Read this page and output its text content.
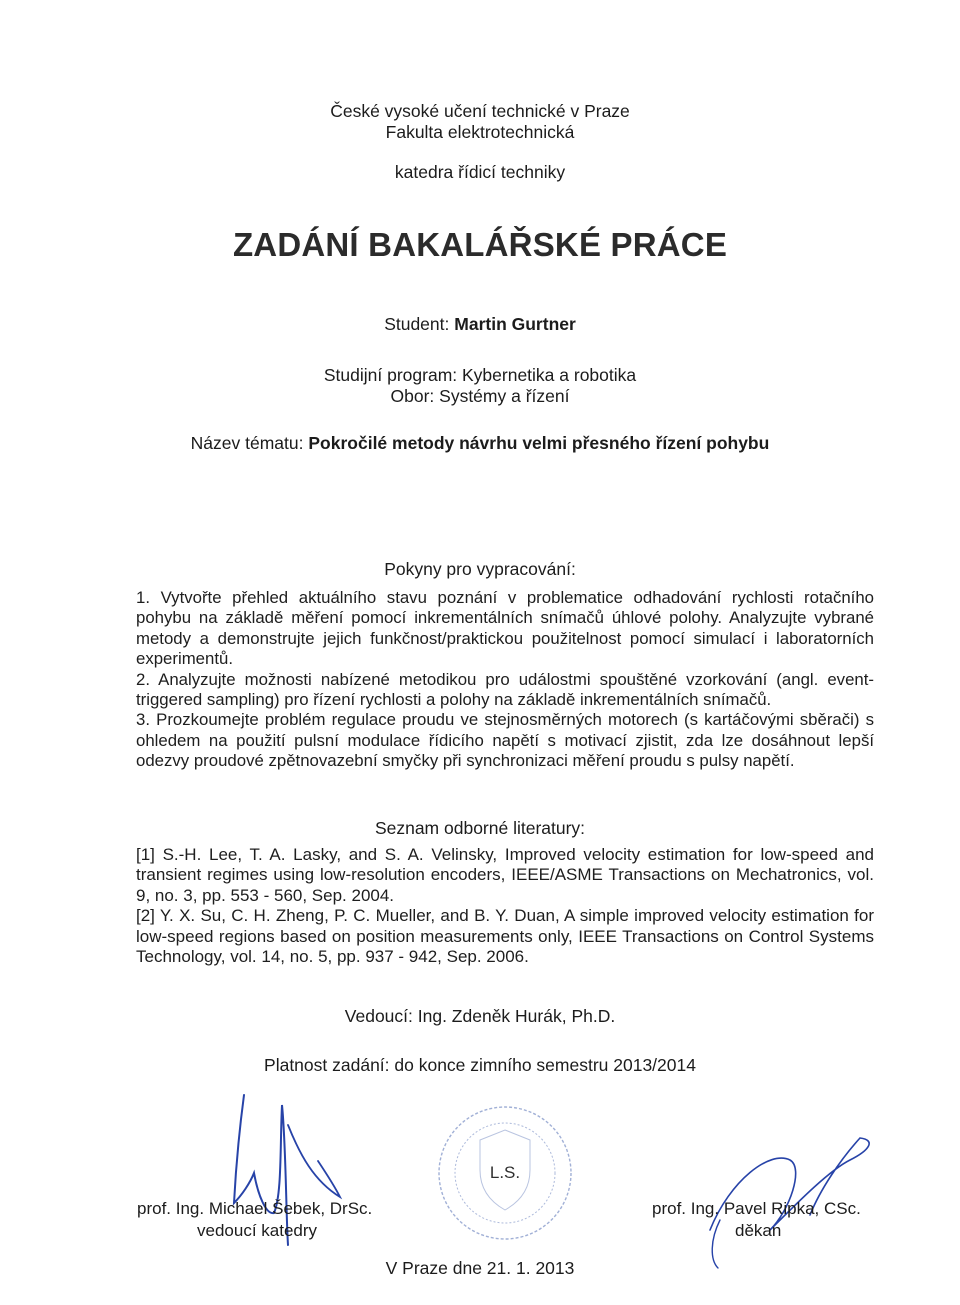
České vysoké učení technické v Praze
Fakulta elektrotechnická
katedra řídicí techniky
ZADÁNÍ BAKALÁŘSKÉ PRÁCE
Student: Martin Gurtner
Studijní program: Kybernetika a robotika
Obor: Systémy a řízení
Název tématu: Pokročilé metody návrhu velmi přesného řízení pohybu
Pokyny pro vypracování:

1. Vytvořte přehled aktuálního stavu poznání v problematice odhadování rychlosti rotačního pohybu na základě měření pomocí inkrementálních snímačů úhlové polohy. Analyzujte vybrané metody a demonstrujte jejich funkčnost/praktickou použitelnost pomocí simulací i laboratorních experimentů.

2. Analyzujte možnosti nabízené metodikou pro událostmi spouštěné vzorkování (angl. event-triggered sampling) pro řízení rychlosti a polohy na základě inkrementálních snímačů.

3. Prozkoumejte problém regulace proudu ve stejnosměrných motorech (s kartáčovými sběrači) s ohledem na použití pulsní modulace řídicího napětí s motivací zjistit, zda lze dosáhnout lepší odezvy proudové zpětnovazební smyčky při synchronizaci měření proudu s pulsy napětí.

Seznam odborné literatury:

[1] S.-H. Lee, T. A. Lasky, and S. A. Velinsky, Improved velocity estimation for low-speed and transient regimes using low-resolution encoders, IEEE/ASME Transactions on Mechatronics, vol. 9, no. 3, pp. 553 - 560, Sep. 2004.

[2] Y. X. Su, C. H. Zheng, P. C. Mueller, and B. Y. Duan, A simple improved velocity estimation for low-speed regions based on position measurements only, IEEE Transactions on Control Systems Technology, vol. 14, no. 5, pp. 937 - 942, Sep. 2006.

Vedoucí: Ing. Zdeněk Hurák, Ph.D.
Platnost zadání: do konce zimního semestru 2013/2014
L.S.
prof. Ing. Michael Šebek, DrSc.
vedoucí katedry
prof. Ing. Pavel Ripka, CSc.
děkan
V Praze dne 21. 1. 2013
